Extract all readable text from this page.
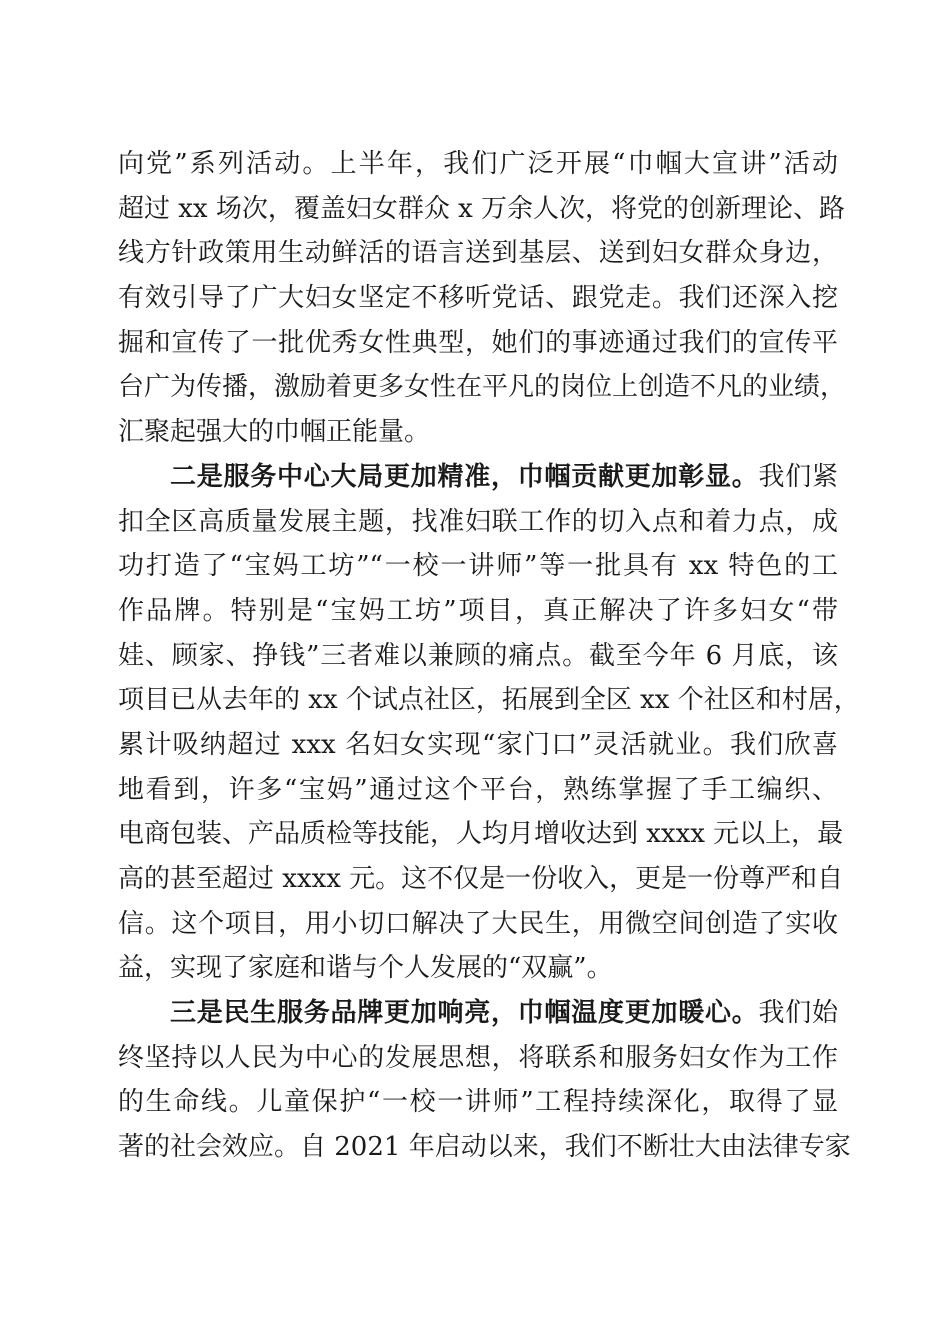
向党”系列活动。上半年，我们广泛开展“巾帼大宣讲”活动
超过 xx 场次，覆盖妇女群众 x 万余人次，将党的创新理论、路
线方针政策用生动鲜活的语言送到基层、送到妇女群众身边，
有效引导了广大妇女坚定不移听党话、跟党走。我们还深入挖
掘和宣传了一批优秀女性典型，她们的事迹通过我们的宣传平
台广为传播，激励着更多女性在平凡的岗位上创造不凡的业绩，
汇聚起强大的巾帼正能量。
二是服务中心大局更加精准，巾帼贡献更加彰显。我们紧
扣全区高质量发展主题，找准妇联工作的切入点和着力点，成
功打造了“宝妈工坊”“一校一讲师”等一批具有 xx 特色的工
作品牌。特别是“宝妈工坊”项目，真正解决了许多妇女“带
娃、顾家、挣钱”三者难以兼顾的痛点。截至今年 6 月底，该
项目已从去年的 xx 个试点社区，拓展到全区 xx 个社区和村居，
累计吸纳超过 xxx 名妇女实现“家门口”灵活就业。我们欣喜
地看到，许多“宝妈”通过这个平台，熟练掌握了手工编织、
电商包装、产品质检等技能，人均月增收达到 xxxx 元以上，最
高的甚至超过 xxxx 元。这不仅是一份收入，更是一份尊严和自
信。这个项目，用小切口解决了大民生，用微空间创造了实收
益，实现了家庭和谐与个人发展的“双赢”。
三是民生服务品牌更加响亮，巾帼温度更加暖心。我们始
终坚持以人民为中心的发展思想，将联系和服务妇女作为工作
的生命线。儿童保护“一校一讲师”工程持续深化，取得了显
著的社会效应。自 2021 年启动以来，我们不断壮大由法律专家
